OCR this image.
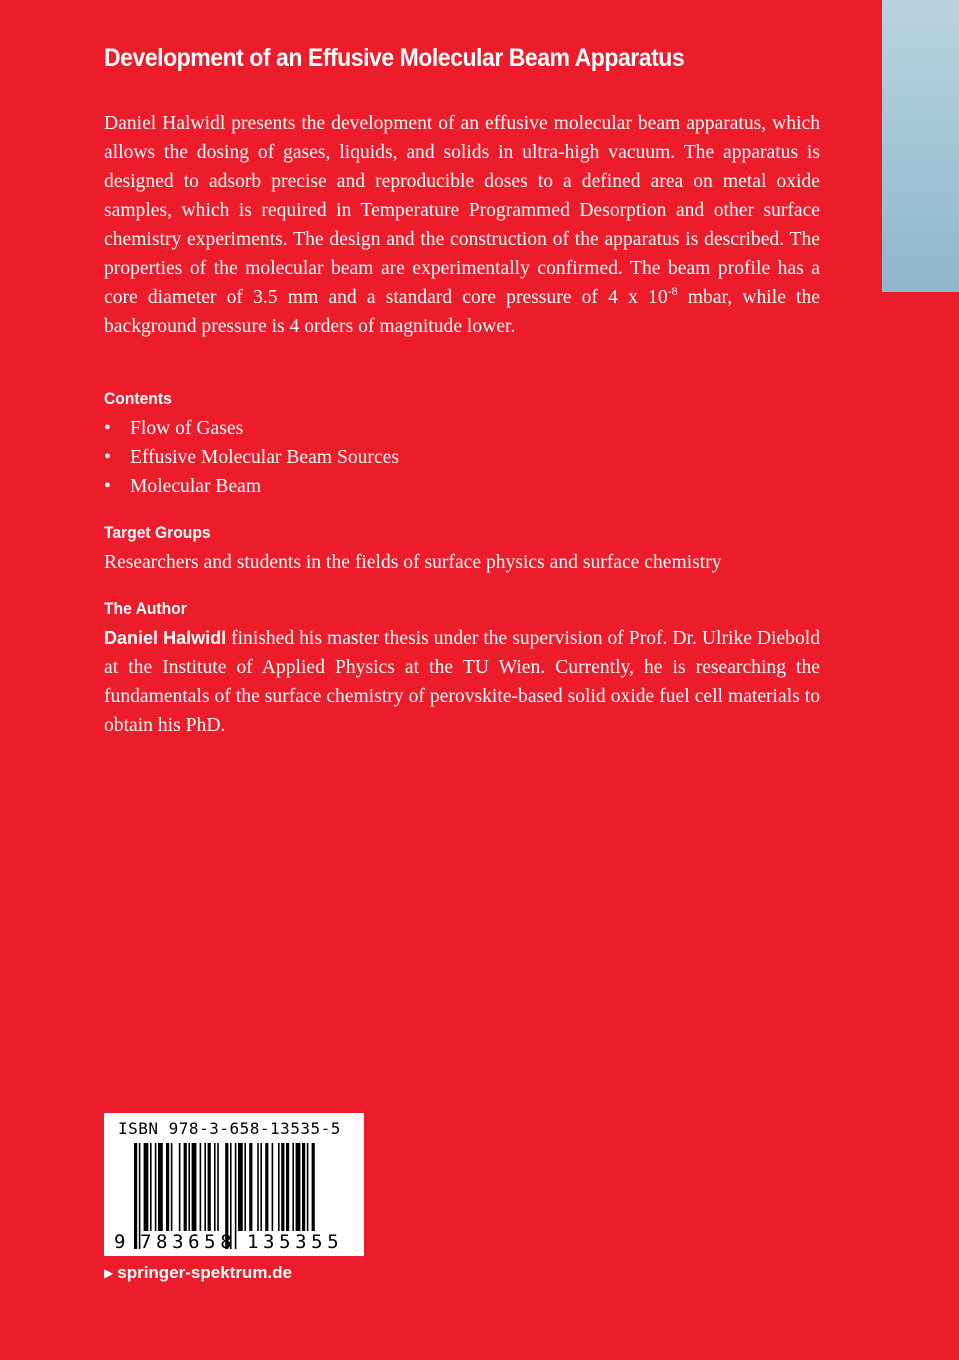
Development of an Effusive Molecular Beam Apparatus

Daniel Halwidl presents the development of an effusive molecular beam apparatus, which allows the dosing of gases, liquids, and solids in ultra-high vacuum. The apparatus is designed to adsorb precise and reproducible doses to a defined area on metal oxide samples, which is required in Temperature Programmed Desorption and other surface chemistry experiments. The design and the construction of the apparatus is described. The properties of the molecular beam are experimentally confirmed. The beam profile has a core diameter of 3.5 mm and a standard core pressure of 4 x $10^{-8}$ mbar, while the background pressure is 4 orders of magnitude lower.

Contents
• Flow of Gases
• Effusive Molecular Beam Sources
• Molecular Beam
Target Groups
Researchers and students in the fields of surface physics and surface chemistry
The Author
Daniel Halwidl finished his master thesis under the supervision of Prof. Dr. Ulrike Diebold at the Institute of Applied Physics at the TU Wien. Currently, he is researching the fundamentals of the surface chemistry of perovskite-based solid oxide fuel cell materials to obtain his PhD.
ISBN 978-3-658-13535-5
9 783658 135355
▶ springer-spektrum.de
